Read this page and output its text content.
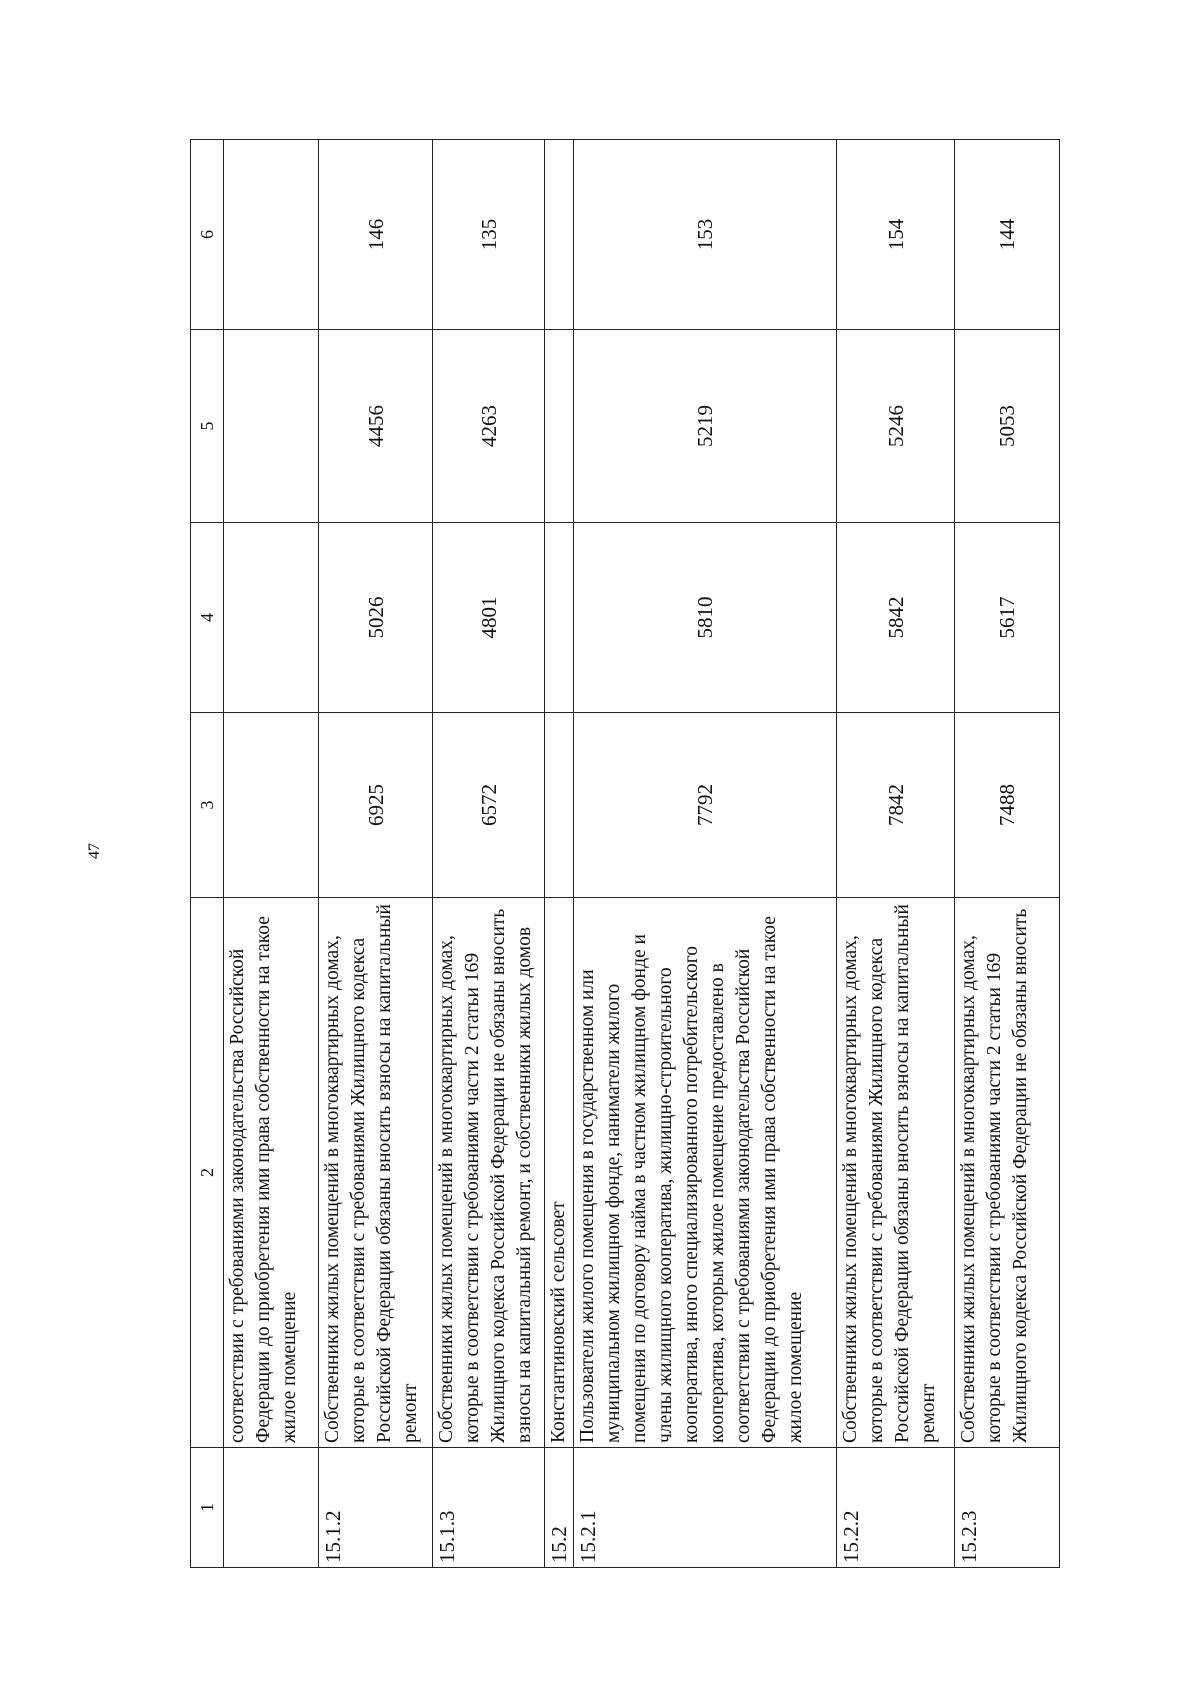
47
1	2	3	4	5	6
	соответствии с требованиями законодательства Российской Федерации до приобретения ими права собственности на такое жилое помещение				
15.1.2	Собственники жилых помещений в многоквартирных домах, которые в соответствии с требованиями Жилищного кодекса Российской Федерации обязаны вносить взносы на капитальный ремонт	6925	5026	4456	146
15.1.3	Собственники жилых помещений в многоквартирных домах, которые в соответствии с требованиями части 2 статьи 169 Жилищного кодекса Российской Федерации не обязаны вносить взносы на капитальный ремонт, и собственники жилых домов	6572	4801	4263	135
15.2	Константиновский сельсовет				
15.2.1	Пользователи жилого помещения в государственном или муниципальном жилищном фонде, наниматели жилого помещения по договору найма в частном жилищном фонде и члены жилищного кооператива, жилищно-строительного кооператива, иного специализированного потребительского кооператива, которым жилое помещение предоставлено в соответствии с требованиями законодательства Российской Федерации до приобретения ими права собственности на такое жилое помещение	7792	5810	5219	153
15.2.2	Собственники жилых помещений в многоквартирных домах, которые в соответствии с требованиями Жилищного кодекса Российской Федерации обязаны вносить взносы на капитальный ремонт	7842	5842	5246	154
15.2.3	Собственники жилых помещений в многоквартирных домах, которые в соответствии с требованиями части 2 статьи 169 Жилищного кодекса Российской Федерации не обязаны вносить	7488	5617	5053	144
